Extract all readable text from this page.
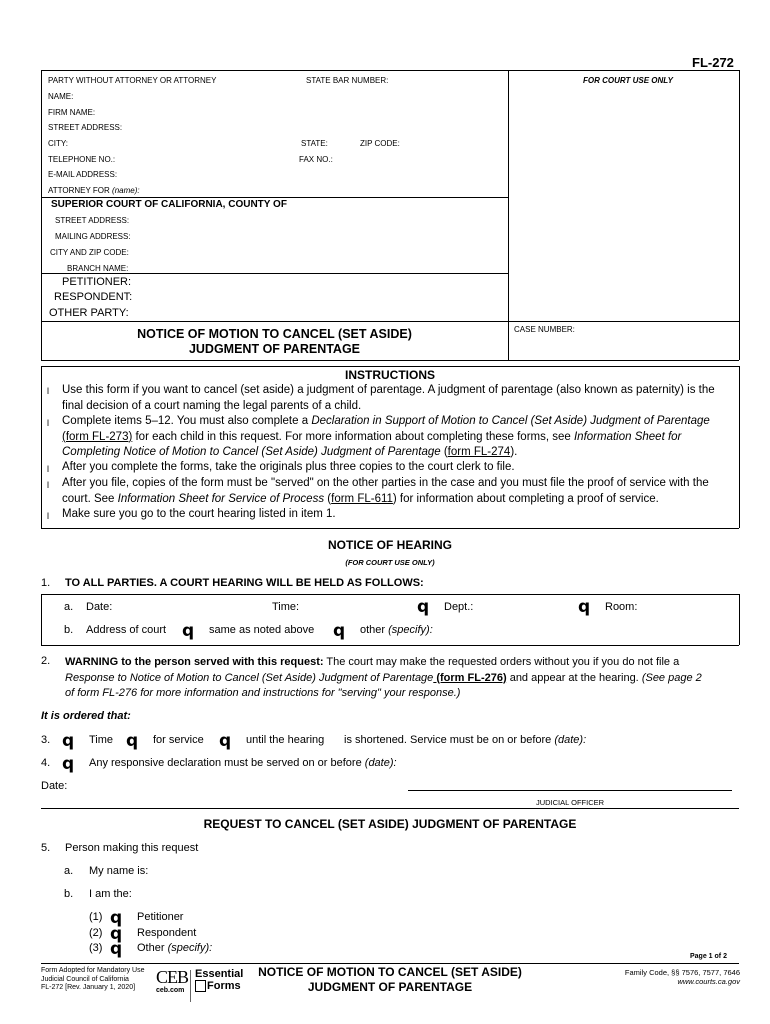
FL-272
PARTY WITHOUT ATTORNEY OR ATTORNEY	STATE BAR NUMBER:	FOR COURT USE ONLY
NAME:
FIRM NAME:
STREET ADDRESS:
CITY:	STATE:	ZIP CODE:
TELEPHONE NO.:	FAX NO.:
E-MAIL ADDRESS:
ATTORNEY FOR (name):
SUPERIOR COURT OF CALIFORNIA, COUNTY OF
STREET ADDRESS:
MAILING ADDRESS:
CITY AND ZIP CODE:
BRANCH NAME:
PETITIONER:
RESPONDENT:
OTHER PARTY:
NOTICE OF MOTION TO CANCEL (SET ASIDE)
JUDGMENT OF PARENTAGE
CASE NUMBER:
INSTRUCTIONS
l Use this form if you want to cancel (set aside) a judgment of parentage. A judgment of parentage (also known as paternity) is the
final decision of a court naming the legal parents of a child.
l Complete items 5–12. You must also complete a Declaration in Support of Motion to Cancel (Set Aside) Judgment of Parentage
(form FL-273) for each child in this request. For more information about completing these forms, see Information Sheet for
Completing Notice of Motion to Cancel (Set Aside) Judgment of Parentage (form FL-274).
l After you complete the forms, take the originals plus three copies to the court clerk to file.
l After you file, copies of the form must be "served" on the other parties in the case and you must file the proof of service with the
court. See Information Sheet for Service of Process (form FL-611) for information about completing a proof of service.
l Make sure you go to the court hearing listed in item 1.
NOTICE OF HEARING
(FOR COURT USE ONLY)
1. TO ALL PARTIES. A COURT HEARING WILL BE HELD AS FOLLOWS:
a. Date:	Time:	q Dept.:	q Room:
b. Address of court q same as noted above q other (specify):
2. WARNING to the person served with this request: The court may make the requested orders without you if you do not file a
Response to Notice of Motion to Cancel (Set Aside) Judgment of Parentage (form FL-276) and appear at the hearing. (See page 2
of form FL-276 for more information and instructions for "serving" your response.)
It is ordered that:
3. q Time q for service q until the hearing is shortened. Service must be on or before (date):
4. q Any responsive declaration must be served on or before (date):
Date:
JUDICIAL OFFICER
REQUEST TO CANCEL (SET ASIDE) JUDGMENT OF PARENTAGE
5. Person making this request
a. My name is:
b. I am the:
(1) q Petitioner
(2) q Respondent
(3) q Other (specify):
Page 1 of 2
Form Adopted for Mandatory Use
Judicial Council of California
FL-272 [Rev. January 1, 2020]
CEB
ceb.com
Essential
Forms
NOTICE OF MOTION TO CANCEL (SET ASIDE)
JUDGMENT OF PARENTAGE
Family Code, §§ 7576, 7577, 7646
www.courts.ca.gov
